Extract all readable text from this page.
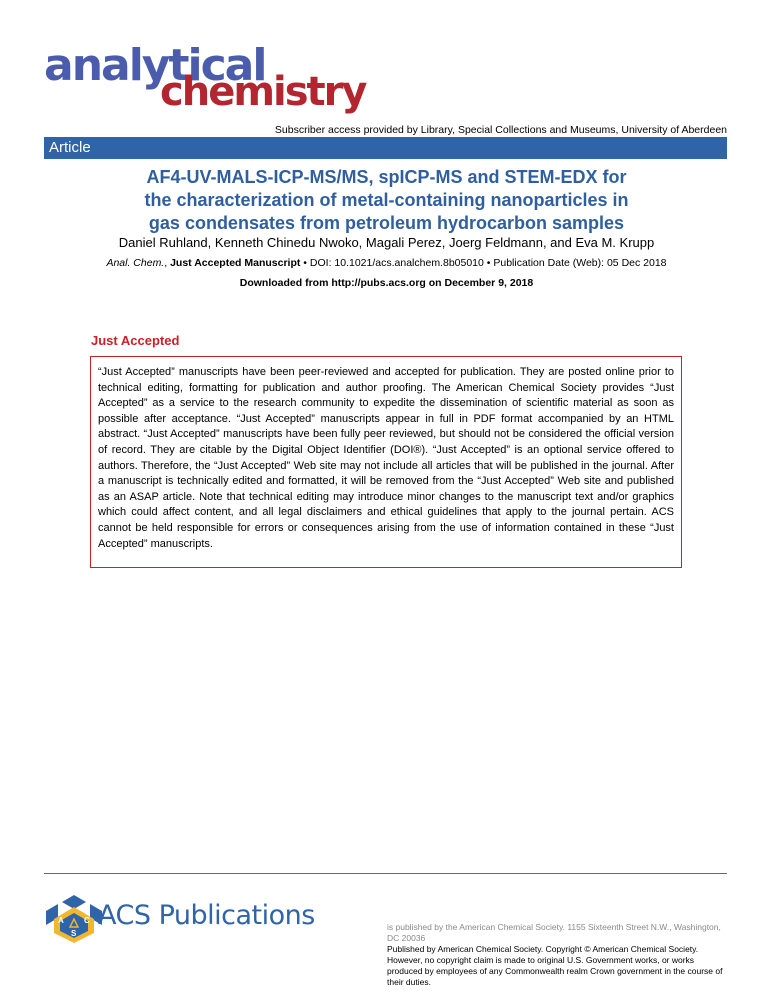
analytical
chemistry
Subscriber access provided by Library, Special Collections and Museums, University of Aberdeen
Article
AF4-UV-MALS-ICP-MS/MS, spICP-MS and STEM-EDX for
the characterization of metal-containing nanoparticles in
gas condensates from petroleum hydrocarbon samples
Daniel Ruhland, Kenneth Chinedu Nwoko, Magali Perez, Joerg Feldmann, and Eva M. Krupp
Anal. Chem., Just Accepted Manuscript • DOI: 10.1021/acs.analchem.8b05010 • Publication Date (Web): 05 Dec 2018
Downloaded from http://pubs.acs.org on December 9, 2018
Just Accepted
“Just Accepted” manuscripts have been peer-reviewed and accepted for publication. They are posted online prior to technical editing, formatting for publication and author proofing. The American Chemical Society provides “Just Accepted” as a service to the research community to expedite the dissemination of scientific material as soon as possible after acceptance. “Just Accepted” manuscripts appear in full in PDF format accompanied by an HTML abstract. “Just Accepted” manuscripts have been fully peer reviewed, but should not be considered the official version of record. They are citable by the Digital Object Identifier (DOI®). “Just Accepted” is an optional service offered to authors. Therefore, the “Just Accepted” Web site may not include all articles that will be published in the journal. After a manuscript is technically edited and formatted, it will be removed from the “Just Accepted” Web site and published as an ASAP article. Note that technical editing may introduce minor changes to the manuscript text and/or graphics which could affect content, and all legal disclaimers and ethical guidelines that apply to the journal pertain. ACS cannot be held responsible for errors or consequences arising from the use of information contained in these “Just Accepted” manuscripts.
A	C
S
ACS Publications	is published by the American Chemical Society. 1155 Sixteenth Street N.W., Washington, DC 20036
Published by American Chemical Society. Copyright © American Chemical Society. However, no copyright claim is made to original U.S. Government works, or works produced by employees of any Commonwealth realm Crown government in the course of their duties.
